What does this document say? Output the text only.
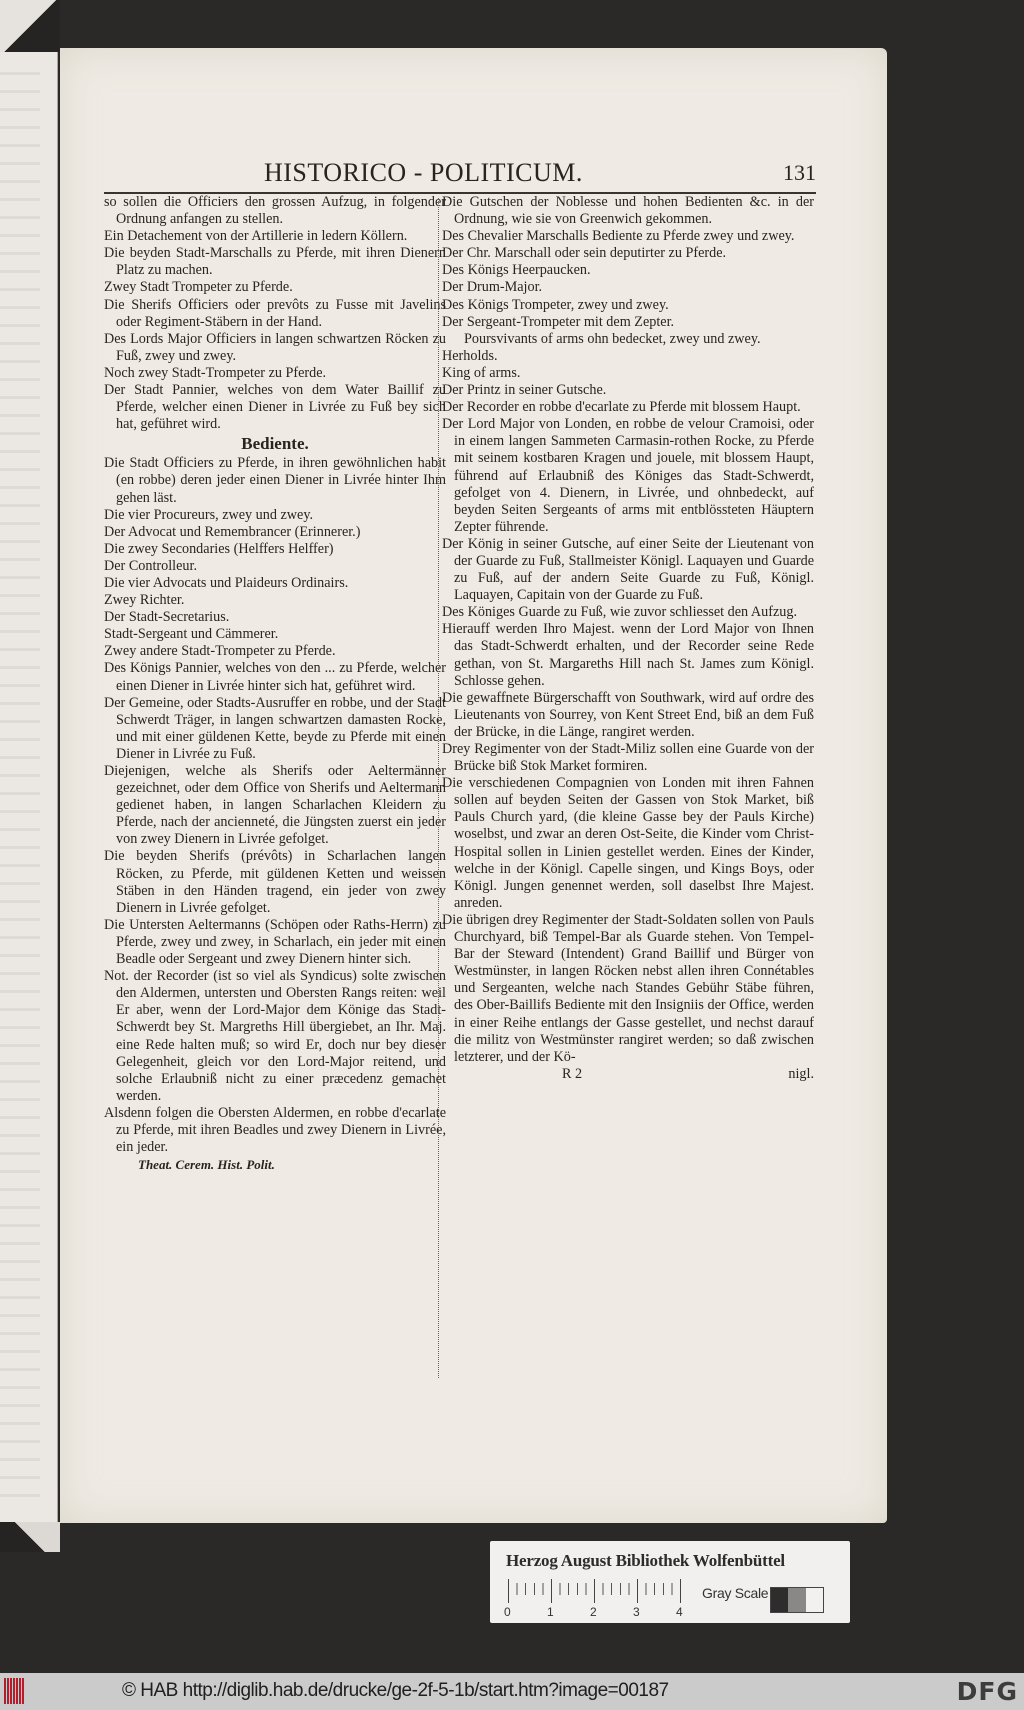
HISTORICO - POLITICUM.	131
so sollen die Officiers den grossen Aufzug, in folgender Ordnung anfangen zu stellen.
Ein Detachement von der Artillerie in ledern Köllern.
Die beyden Stadt-Marschalls zu Pferde, mit ihren Dienern Platz zu machen.
Zwey Stadt Trompeter zu Pferde.
Die Sherifs Officiers oder prevôts zu Fusse mit Javelins oder Regiment-Stäbern in der Hand.
Des Lords Major Officiers in langen schwartzen Röcken zu Fuß, zwey und zwey.
Noch zwey Stadt-Trompeter zu Pferde.
Der Stadt Pannier, welches von dem Water Baillif zu Pferde, welcher einen Diener in Livrée zu Fuß bey sich hat, geführet wird.
Bediente.
Die Stadt Officiers zu Pferde, in ihren gewöhnlichen habit (en robbe) deren jeder einen Diener in Livrée hinter Ihm gehen läst.
Die vier Procureurs, zwey und zwey.
Der Advocat und Remembrancer (Erinnerer.)
Die zwey Secondaries (Helffers Helffer)
Der Controlleur.
Die vier Advocats und Plaideurs Ordinairs.
Zwey Richter.
Der Stadt-Secretarius.
Stadt-Sergeant und Cämmerer.
Zwey andere Stadt-Trompeter zu Pferde.
Des Königs Pannier, welches von den ... zu Pferde, welcher einen Diener in Livrée hinter sich hat, geführet wird.
Der Gemeine, oder Stadts-Ausruffer en robbe, und der Stadt Schwerdt Träger, in langen schwartzen damasten Rocke, und mit einer güldenen Kette, beyde zu Pferde mit einen Diener in Livrée zu Fuß.
Diejenigen, welche als Sherifs oder Aeltermänner gezeichnet, oder dem Office von Sherifs und Aeltermann gedienet haben, in langen Scharlachen Kleidern zu Pferde, nach der ancienneté, die Jüngsten zuerst ein jeder von zwey Dienern in Livrée gefolget.
Die beyden Sherifs (prévôts) in Scharlachen langen Röcken, zu Pferde, mit güldenen Ketten und weissen Stäben in den Händen tragend, ein jeder von zwey Dienern in Livrée gefolget.
Die Untersten Aeltermanns (Schöpen oder Raths-Herrn) zu Pferde, zwey und zwey, in Scharlach, ein jeder mit einen Beadle oder Sergeant und zwey Dienern hinter sich.
Not. der Recorder (ist so viel als Syndicus) solte zwischen den Aldermen, untersten und Obersten Rangs reiten: weil Er aber, wenn der Lord-Major dem Könige das Stadt-Schwerdt bey St. Margreths Hill übergiebet, an Ihr. Maj. eine Rede halten muß; so wird Er, doch nur bey dieser Gelegenheit, gleich vor den Lord-Major reitend, und solche Erlaubniß nicht zu einer præcedenz gemachet werden.
Alsdenn folgen die Obersten Aldermen, en robbe d'ecarlate zu Pferde, mit ihren Beadles und zwey Dienern in Livrée, ein jeder.
Theat. Cerem. Hist. Polit.
Die Gutschen der Noblesse und hohen Bedienten &c. in der Ordnung, wie sie von Greenwich gekommen.
Des Chevalier Marschalls Bediente zu Pferde zwey und zwey.
Der Chr. Marschall oder sein deputirter zu Pferde.
Des Königs Heerpaucken.
Der Drum-Major.
Des Königs Trompeter, zwey und zwey.
Der Sergeant-Trompeter mit dem Zepter.
Poursvivants of arms ohn bedecket, zwey und zwey.
Herholds.
King of arms.
Der Printz in seiner Gutsche.
Der Recorder en robbe d'ecarlate zu Pferde mit blossem Haupt.
Der Lord Major von Londen, en robbe de velour Cramoisi, oder in einem langen Sammeten Carmasin-rothen Rocke, zu Pferde mit seinem kostbaren Kragen und jouele, mit blossem Haupt, führend auf Erlaubniß des Königes das Stadt-Schwerdt, gefolget von 4. Dienern, in Livrée, und ohnbedeckt, auf beyden Seiten Sergeants of arms mit entblössteten Häuptern Zepter führende.
Der König in seiner Gutsche, auf einer Seite der Lieutenant von der Guarde zu Fuß, Stallmeister Königl. Laquayen und Guarde zu Fuß, auf der andern Seite Guarde zu Fuß, Königl. Laquayen, Capitain von der Guarde zu Fuß.
Des Königes Guarde zu Fuß, wie zuvor schliesset den Aufzug.
Hierauff werden Ihro Majest. wenn der Lord Major von Ihnen das Stadt-Schwerdt erhalten, und der Recorder seine Rede gethan, von St. Margareths Hill nach St. James zum Königl. Schlosse gehen.
Die gewaffnete Bürgerschafft von Southwark, wird auf ordre des Lieutenants von Sourrey, von Kent Street End, biß an dem Fuß der Brücke, in die Länge, rangiret werden.
Drey Regimenter von der Stadt-Miliz sollen eine Guarde von der Brücke biß Stok Market formiren.
Die verschiedenen Compagnien von Londen mit ihren Fahnen sollen auf beyden Seiten der Gassen von Stok Market, biß Pauls Church yard, (die kleine Gasse bey der Pauls Kirche) woselbst, und zwar an deren Ost-Seite, die Kinder vom Christ-Hospital sollen in Linien gestellet werden. Eines der Kinder, welche in der Königl. Capelle singen, und Kings Boys, oder Königl. Jungen genennet werden, soll daselbst Ihre Majest. anreden.
Die übrigen drey Regimenter der Stadt-Soldaten sollen von Pauls Churchyard, biß Tempel-Bar als Guarde stehen. Von Tempel-Bar der Steward (Intendent) Grand Baillif und Bürger von Westmünster, in langen Röcken nebst allen ihren Connétables und Sergeanten, welche nach Standes Gebühr Stäbe führen, des Ober-Baillifs Bediente mit den Insigniis der Office, werden in einer Reihe entlangs der Gasse gestellet, und nechst darauf die militz von Westmünster rangiret werden; so daß zwischen letzterer, und der Kö-
R 2	nigl.
Herzog August Bibliothek Wolfenbüttel
0	1	2	3	4
Gray Scale
© HAB http://diglib.hab.de/drucke/ge-2f-5-1b/start.htm?image=00187	DFG
